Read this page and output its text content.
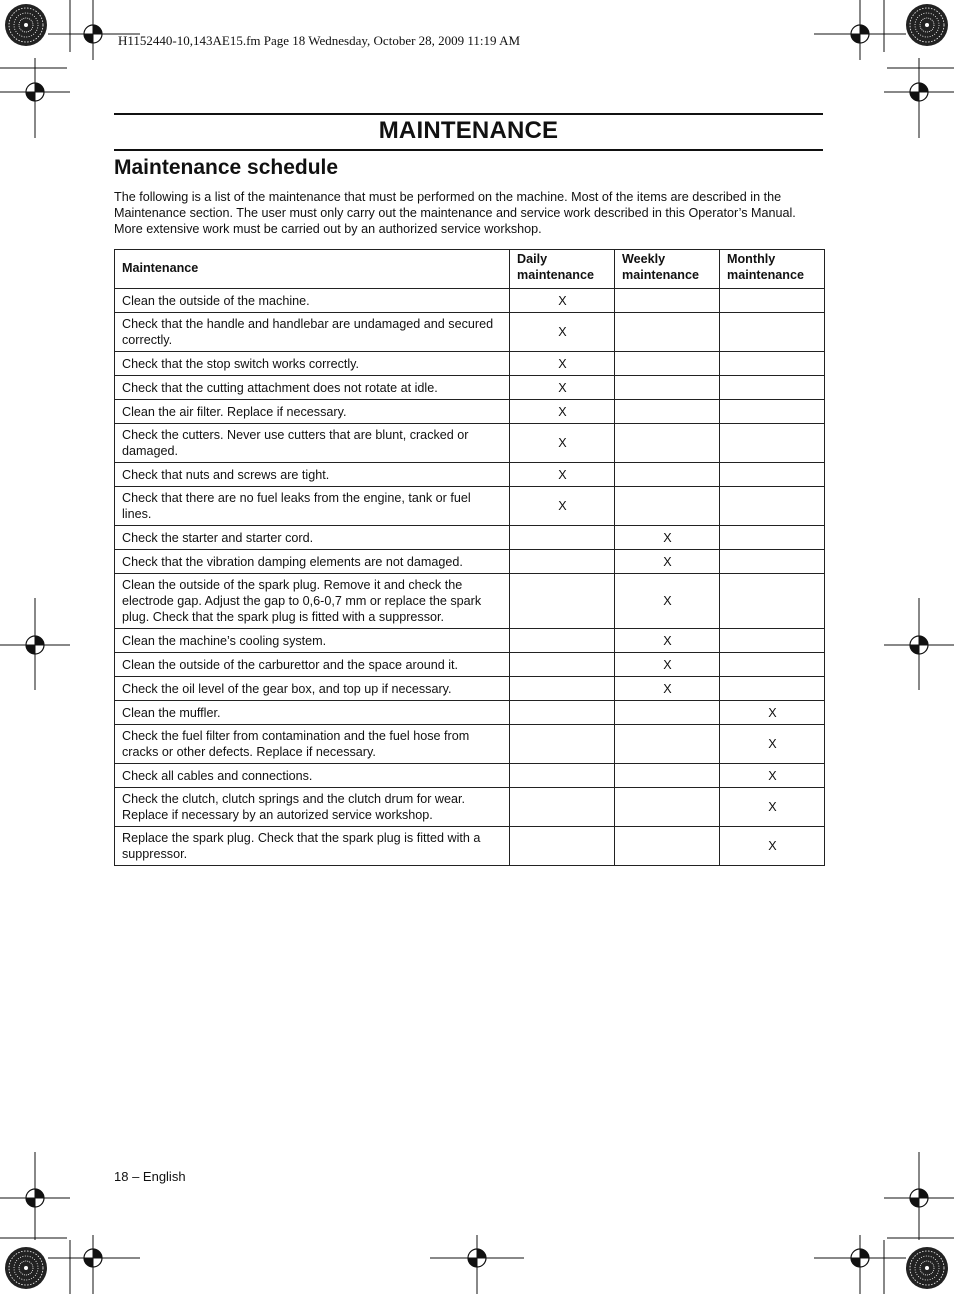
H1152440-10,143AE15.fm Page 18 Wednesday, October 28, 2009 11:19 AM
MAINTENANCE
Maintenance schedule
The following is a list of the maintenance that must be performed on the machine. Most of the items are described in the Maintenance section. The user must only carry out the maintenance and service work described in this Operator’s Manual. More extensive work must be carried out by an authorized service workshop.
Maintenance	Daily maintenance	Weekly maintenance	Monthly maintenance
Clean the outside of the machine.	X		
Check that the handle and handlebar are undamaged and secured correctly.	X		
Check that the stop switch works correctly.	X		
Check that the cutting attachment does not rotate at idle.	X		
Clean the air filter. Replace if necessary.	X		
Check the cutters. Never use cutters that are blunt, cracked or damaged.	X		
Check that nuts and screws are tight.	X		
Check that there are no fuel leaks from the engine, tank or fuel lines.	X		
Check the starter and starter cord.		X	
Check that the vibration damping elements are not damaged.		X	
Clean the outside of the spark plug. Remove it and check the electrode gap. Adjust the gap to 0,6-0,7 mm or replace the spark plug. Check that the spark plug is fitted with a suppressor.		X	
Clean the machine’s cooling system.		X	
Clean the outside of the carburettor and the space around it.		X	
Check the oil level of the gear box, and top up if necessary.		X	
Clean the muffler.			X
Check the fuel filter from contamination and the fuel hose from cracks or other defects. Replace if necessary.			X
Check all cables and connections.			X
Check the clutch, clutch springs and the clutch drum for wear. Replace if necessary by an autorized service workshop.			X
Replace the spark plug. Check that the spark plug is fitted with a suppressor.			X
18 – English
